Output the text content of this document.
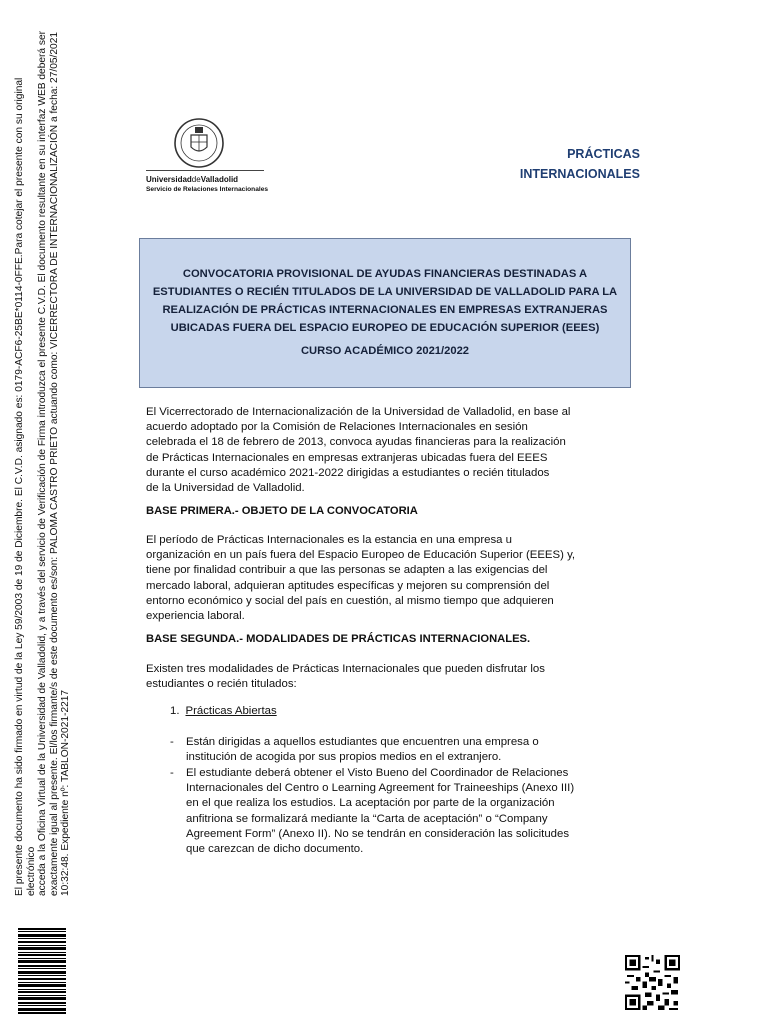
El presente documento ha sido firmado en virtud de la Ley 59/2003 de 19 de Diciembre. El C.V.D. asignado es: 0179-ACF6-25BE*0114-0FFE.Para cotejar el presente con su original electrónico acceda a la Oficina Virtual de la Universidad de Valladolid, y a través del servicio de Verificación de Firma introduzca el presente C.V.D. El documento resultante en su interfaz WEB deberá ser exactamente igual al presente. El/los firmante/s de este documento es/son: PALOMA CASTRO PRIETO actuando como: VICERRECTORA DE INTERNACIONALIZACIÓN a fecha: 27/05/2021 10:32:48. Expediente nº: TABLON-2021-2217
UniversidaddeValladolid
Servicio de Relaciones Internacionales
PRÁCTICAS
INTERNACIONALES
CONVOCATORIA PROVISIONAL DE AYUDAS FINANCIERAS DESTINADAS A
ESTUDIANTES O RECIÉN TITULADOS DE LA UNIVERSIDAD DE VALLADOLID PARA LA
REALIZACIÓN DE PRÁCTICAS INTERNACIONALES EN EMPRESAS EXTRANJERAS
UBICADAS FUERA DEL ESPACIO EUROPEO DE EDUCACIÓN SUPERIOR (EEES)
CURSO ACADÉMICO 2021/2022
El Vicerrectorado de Internacionalización de la Universidad de Valladolid, en base al
acuerdo adoptado por la Comisión de Relaciones Internacionales en sesión
celebrada el 18 de febrero de 2013, convoca ayudas financieras para la realización
de Prácticas Internacionales en empresas extranjeras ubicadas fuera del EEES
durante el curso académico 2021-2022 dirigidas a estudiantes o recién titulados
de la Universidad de Valladolid.
BASE PRIMERA.- OBJETO DE LA CONVOCATORIA
El período de Prácticas Internacionales es la estancia en una empresa u
organización en un país fuera del Espacio Europeo de Educación Superior (EEES) y,
tiene por finalidad contribuir a que las personas se adapten a las exigencias del
mercado laboral, adquieran aptitudes específicas y mejoren su comprensión del
entorno económico y social del país en cuestión, al mismo tiempo que adquieren
experiencia laboral.
BASE SEGUNDA.- MODALIDADES DE PRÁCTICAS INTERNACIONALES.
Existen tres modalidades de Prácticas Internacionales que pueden disfrutar los
estudiantes o recién titulados:
1. Prácticas Abiertas
- Están dirigidas a aquellos estudiantes que encuentren una empresa o
institución de acogida por sus propios medios en el extranjero.
- El estudiante deberá obtener el Visto Bueno del Coordinador de Relaciones
Internacionales del Centro o Learning Agreement for Traineeships (Anexo III)
en el que realiza los estudios. La aceptación por parte de la organización
anfitriona se formalizará mediante la “Carta de aceptación” o “Company
Agreement Form” (Anexo II). No se tendrán en consideración las solicitudes
que carezcan de dicho documento.
